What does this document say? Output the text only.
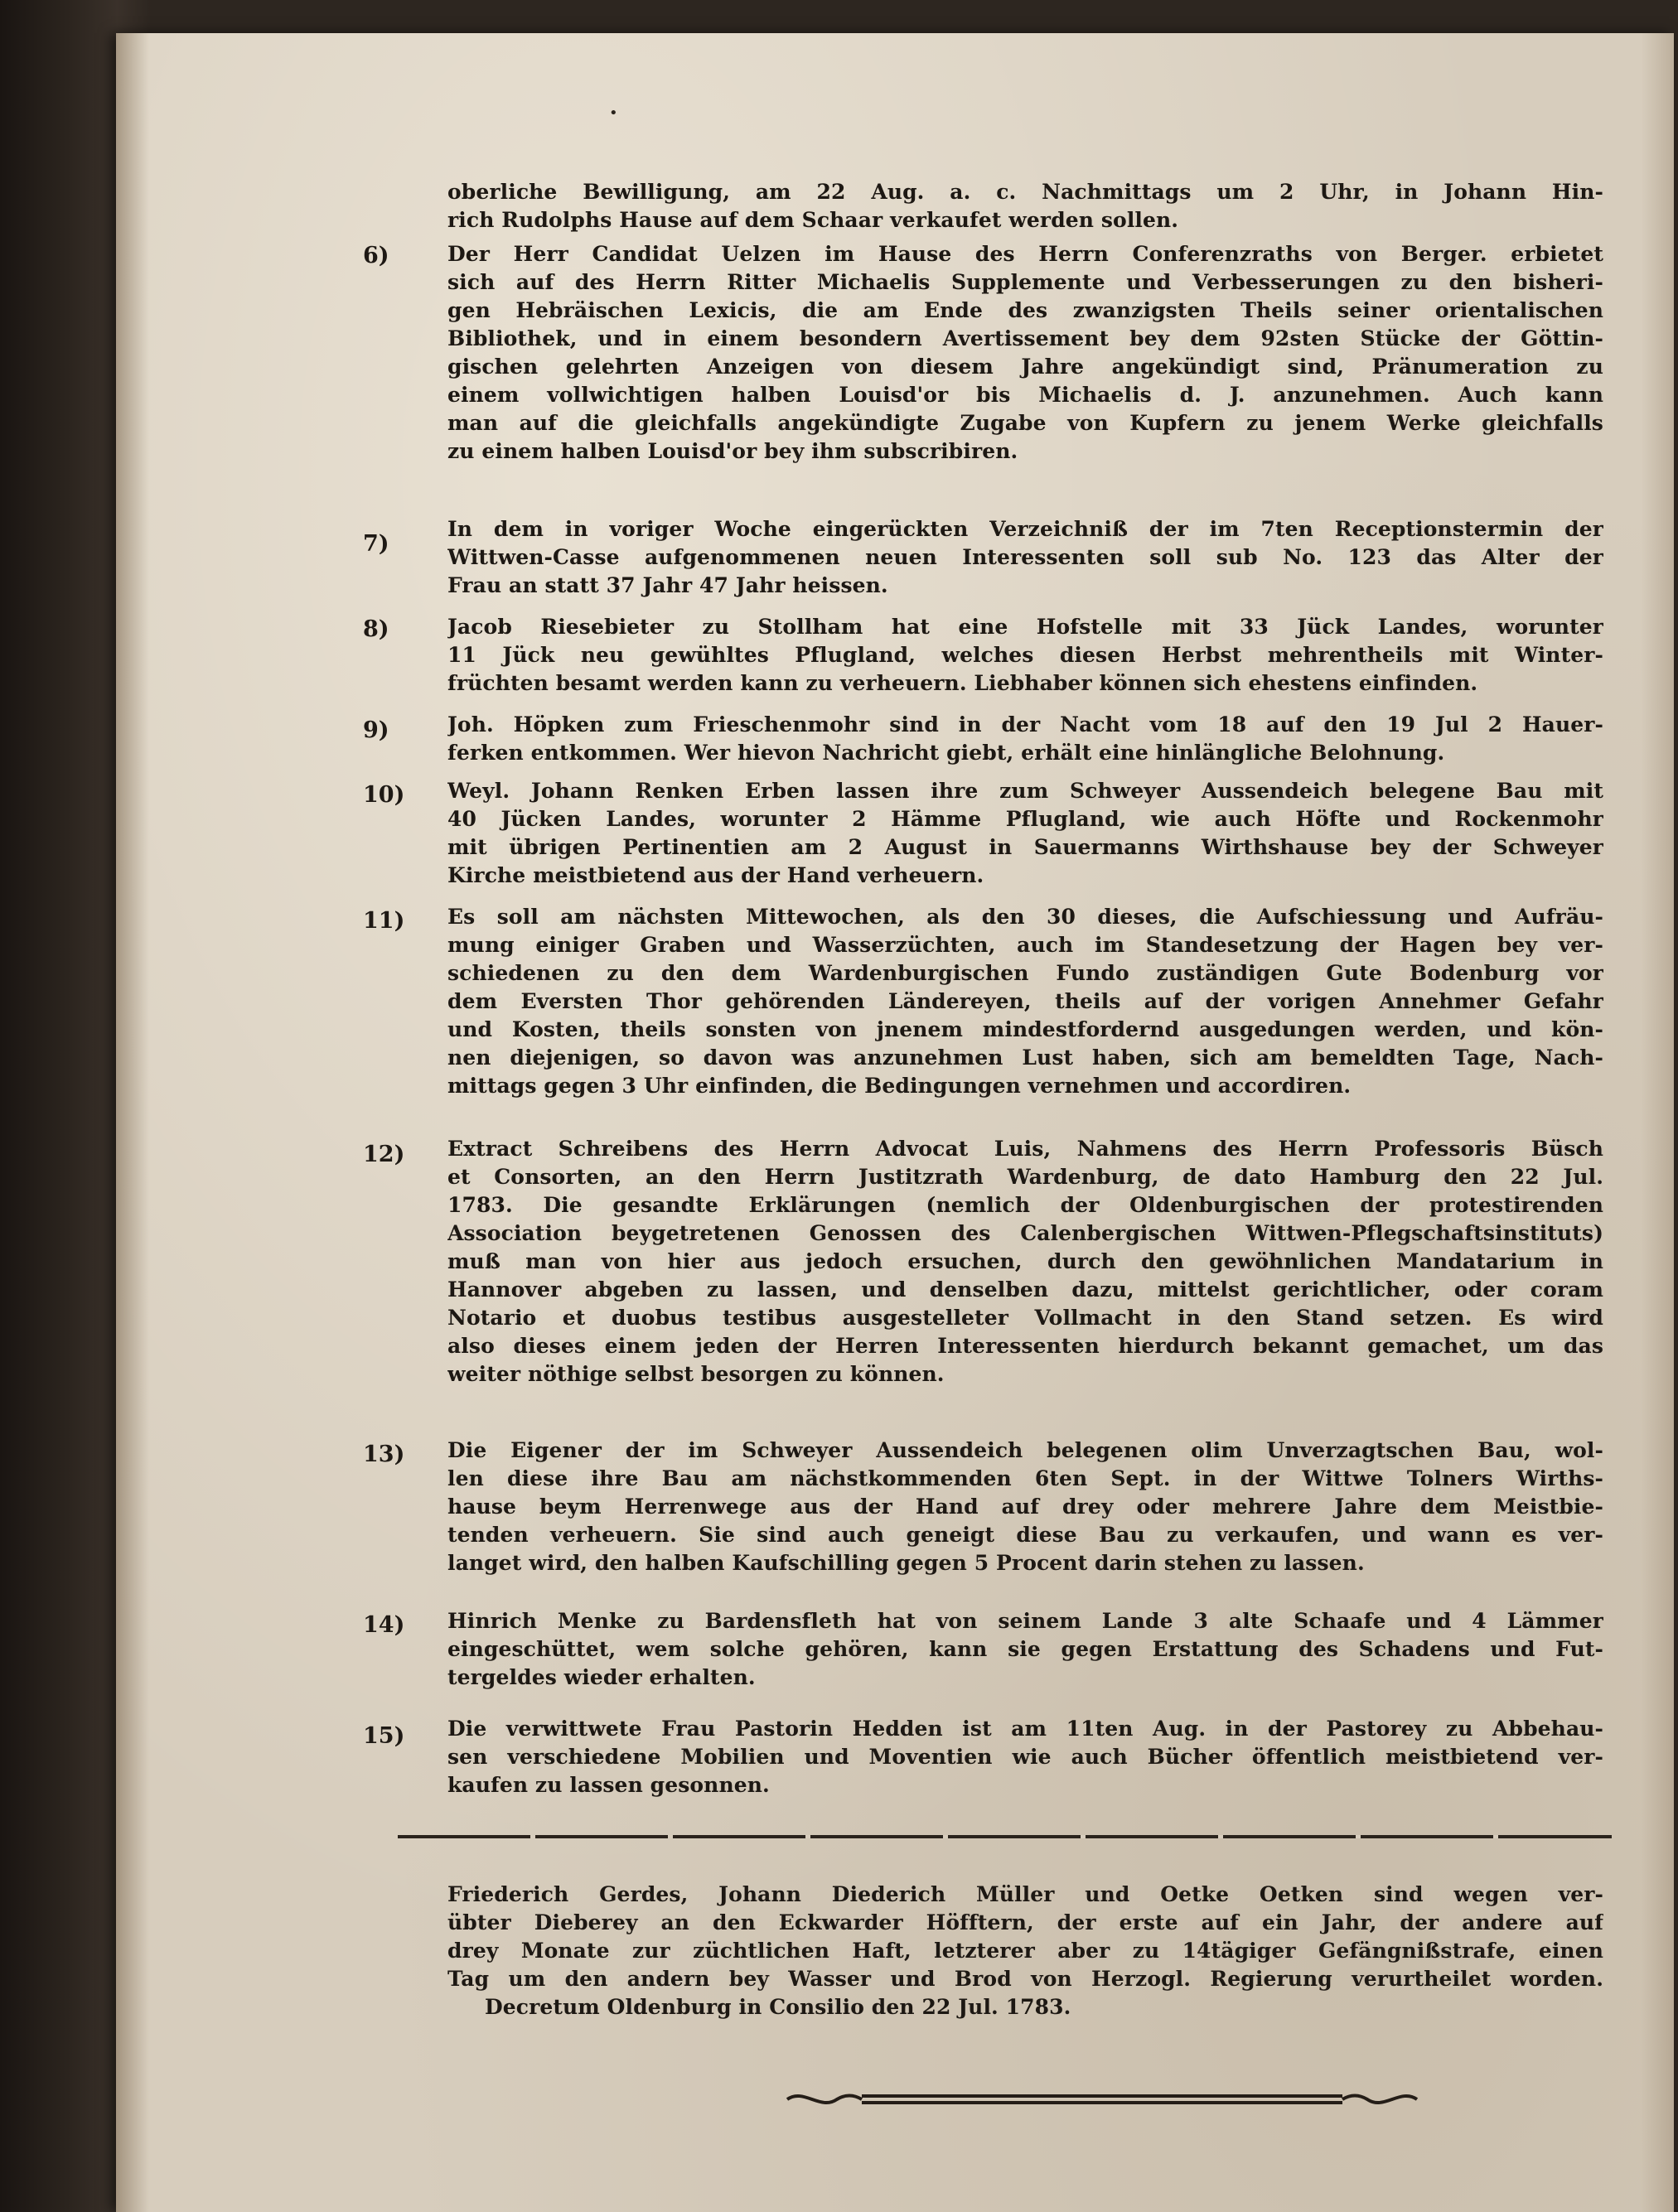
•
oberliche Bewilligung, am 22 Aug. a. c. Nachmittags um 2 Uhr, in Johann Hin-
rich Rudolphs Hause auf dem Schaar verkaufet werden sollen.
6)	Der Herr Candidat Uelzen im Hause des Herrn Conferenzraths von Berger. erbietet
sich auf des Herrn Ritter Michaelis Supplemente und Verbesserungen zu den bisheri-
gen Hebräischen Lexicis, die am Ende des zwanzigsten Theils seiner orientalischen
Bibliothek, und in einem besondern Avertissement bey dem 92sten Stücke der Göttin-
gischen gelehrten Anzeigen von diesem Jahre angekündigt sind, Pränumeration zu
einem vollwichtigen halben Louisd'or bis Michaelis d. J. anzunehmen. Auch kann
man auf die gleichfalls angekündigte Zugabe von Kupfern zu jenem Werke gleichfalls
zu einem halben Louisd'or bey ihm subscribiren.
7)
In dem in voriger Woche eingerückten Verzeichniß der im 7ten Receptionstermin der
Wittwen-Casse aufgenommenen neuen Interessenten soll sub No. 123 das Alter der
Frau an statt 37 Jahr 47 Jahr heissen.
8)	Jacob Riesebieter zu Stollham hat eine Hofstelle mit 33 Jück Landes, worunter
11 Jück neu gewühltes Pflugland, welches diesen Herbst mehrentheils mit Winter-
früchten besamt werden kann zu verheuern. Liebhaber können sich ehestens einfinden.
9)	Joh. Höpken zum Frieschenmohr sind in der Nacht vom 18 auf den 19 Jul 2 Hauer-
ferken entkommen. Wer hievon Nachricht giebt, erhält eine hinlängliche Belohnung.
10)	Weyl. Johann Renken Erben lassen ihre zum Schweyer Aussendeich belegene Bau mit
40 Jücken Landes, worunter 2 Hämme Pflugland, wie auch Höfte und Rockenmohr
mit übrigen Pertinentien am 2 August in Sauermanns Wirthshause bey der Schweyer
Kirche meistbietend aus der Hand verheuern.
11)	Es soll am nächsten Mittewochen, als den 30 dieses, die Aufschiessung und Aufräu-
mung einiger Graben und Wasserzüchten, auch im Standesetzung der Hagen bey ver-
schiedenen zu den dem Wardenburgischen Fundo zuständigen Gute Bodenburg vor
dem Eversten Thor gehörenden Ländereyen, theils auf der vorigen Annehmer Gefahr
und Kosten, theils sonsten von jnenem mindestfordernd ausgedungen werden, und kön-
nen diejenigen, so davon was anzunehmen Lust haben, sich am bemeldten Tage, Nach-
mittags gegen 3 Uhr einfinden, die Bedingungen vernehmen und accordiren.
12)	Extract Schreibens des Herrn Advocat Luis, Nahmens des Herrn Professoris Büsch
et Consorten, an den Herrn Justitzrath Wardenburg, de dato Hamburg den 22 Jul.
1783. Die gesandte Erklärungen (nemlich der Oldenburgischen der protestirenden
Association beygetretenen Genossen des Calenbergischen Wittwen-Pflegschaftsinstituts)
muß man von hier aus jedoch ersuchen, durch den gewöhnlichen Mandatarium in
Hannover abgeben zu lassen, und denselben dazu, mittelst gerichtlicher, oder coram
Notario et duobus testibus ausgestelleter Vollmacht in den Stand setzen. Es wird
also dieses einem jeden der Herren Interessenten hierdurch bekannt gemachet, um das
weiter nöthige selbst besorgen zu können.
13)	Die Eigener der im Schweyer Aussendeich belegenen olim Unverzagtschen Bau, wol-
len diese ihre Bau am nächstkommenden 6ten Sept. in der Wittwe Tolners Wirths-
hause beym Herrenwege aus der Hand auf drey oder mehrere Jahre dem Meistbie-
tenden verheuern. Sie sind auch geneigt diese Bau zu verkaufen, und wann es ver-
langet wird, den halben Kaufschilling gegen 5 Procent darin stehen zu lassen.
14)	Hinrich Menke zu Bardensfleth hat von seinem Lande 3 alte Schaafe und 4 Lämmer
eingeschüttet, wem solche gehören, kann sie gegen Erstattung des Schadens und Fut-
tergeldes wieder erhalten.
15)	Die verwittwete Frau Pastorin Hedden ist am 11ten Aug. in der Pastorey zu Abbehau-
sen verschiedene Mobilien und Moventien wie auch Bücher öffentlich meistbietend ver-
kaufen zu lassen gesonnen.
Friederich Gerdes, Johann Diederich Müller und Oetke Oetken sind wegen ver-
übter Dieberey an den Eckwarder Höfftern, der erste auf ein Jahr, der andere auf
drey Monate zur züchtlichen Haft, letzterer aber zu 14tägiger Gefängnißstrafe, einen
Tag um den andern bey Wasser und Brod von Herzogl. Regierung verurtheilet worden.
Decretum Oldenburg in Consilio den 22 Jul. 1783.
